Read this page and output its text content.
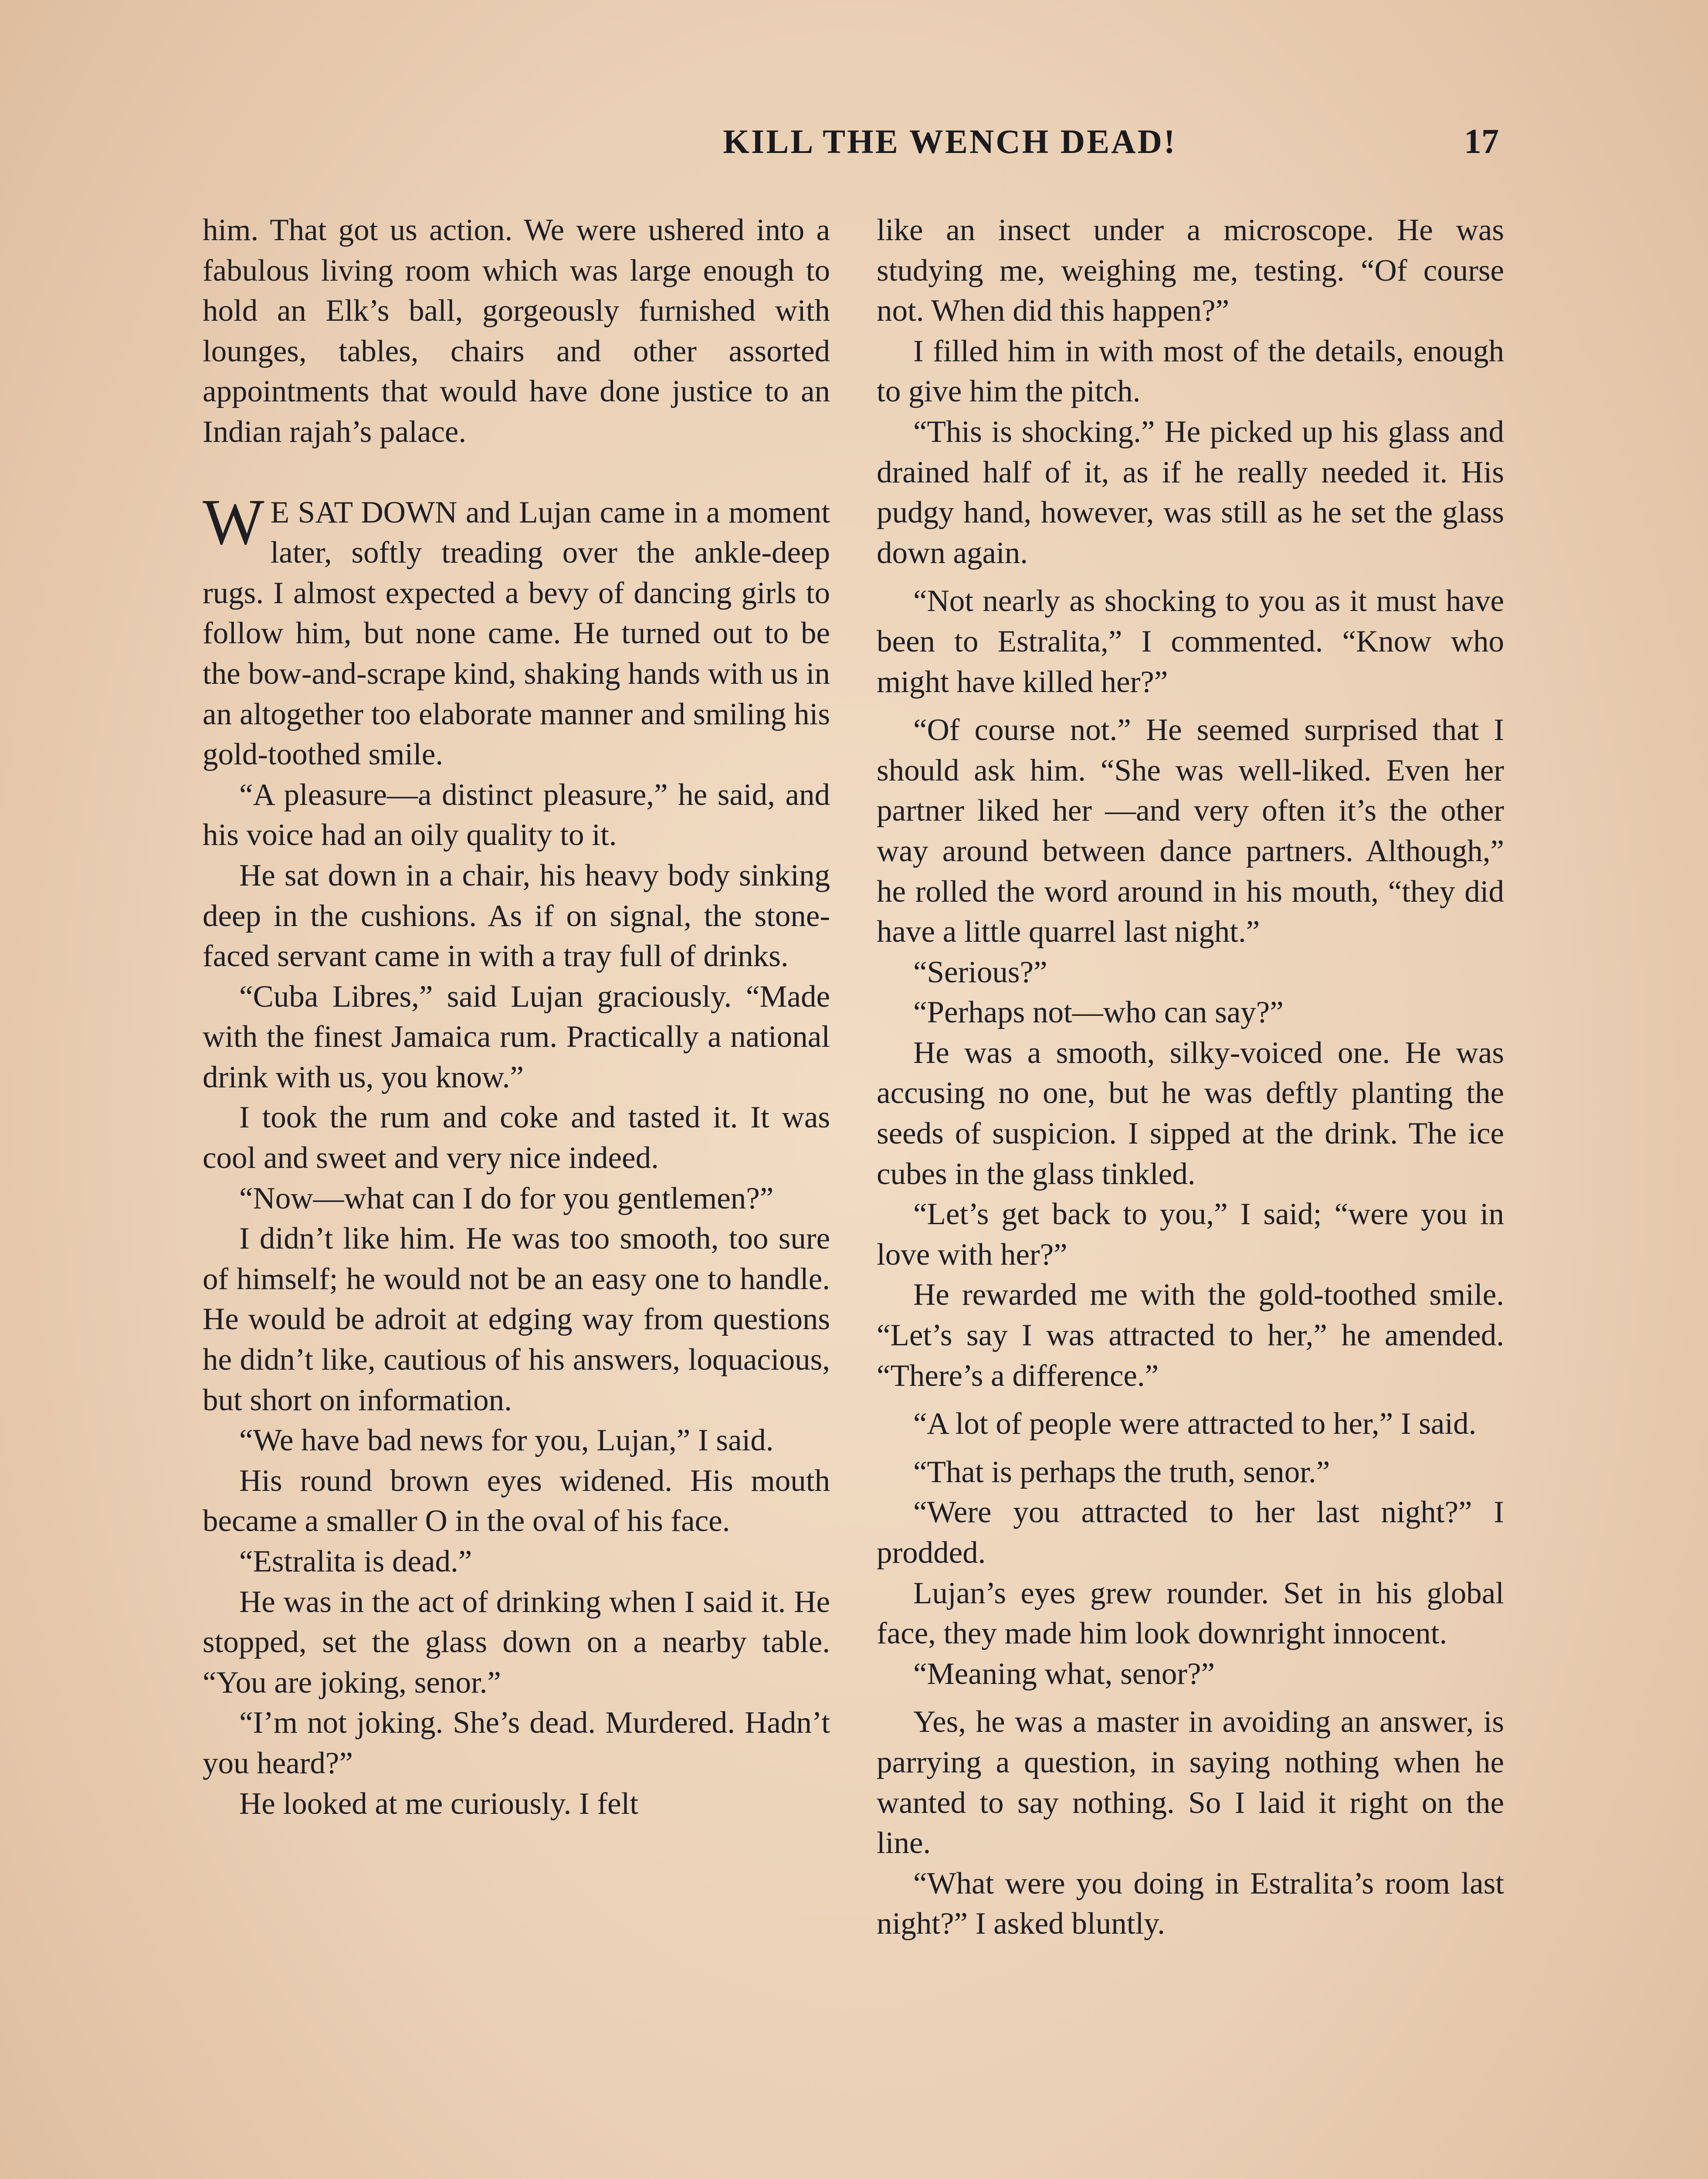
KILL THE WENCH DEAD!	17

him. That got us action. We were ushered into a fabulous living room which was large enough to hold an Elk’s ball, gorgeously furnished with lounges, tables, chairs and other assorted appointments that would have done justice to an Indian rajah’s palace.

W E SAT DOWN and Lujan came in a moment later, softly treading over the ankle-deep rugs. I almost expected a bevy of dancing girls to follow him, but none came. He turned out to be the bow-and-scrape kind, shaking hands with us in an altogether too elaborate manner and smiling his gold-toothed smile.

“A pleasure—a distinct pleasure,” he said, and his voice had an oily quality to it.

He sat down in a chair, his heavy body sinking deep in the cushions. As if on signal, the stone-faced servant came in with a tray full of drinks.

“Cuba Libres,” said Lujan graciously. “Made with the finest Jamaica rum. Practically a national drink with us, you know.”

I took the rum and coke and tasted it. It was cool and sweet and very nice indeed.

“Now—what can I do for you gentlemen?”

I didn’t like him. He was too smooth, too sure of himself; he would not be an easy one to handle. He would be adroit at edging way from questions he didn’t like, cautious of his answers, loquacious, but short on information.

“We have bad news for you, Lujan,” I said.

His round brown eyes widened. His mouth became a smaller O in the oval of his face.

“Estralita is dead.”

He was in the act of drinking when I said it. He stopped, set the glass down on a nearby table. “You are joking, senor.”

“I’m not joking. She’s dead. Murdered. Hadn’t you heard?”

He looked at me curiously. I felt

like an insect under a microscope. He was studying me, weighing me, testing. “Of course not. When did this happen?”

I filled him in with most of the details, enough to give him the pitch.

“This is shocking.” He picked up his glass and drained half of it, as if he really needed it. His pudgy hand, however, was still as he set the glass down again.

“Not nearly as shocking to you as it must have been to Estralita,” I commented. “Know who might have killed her?”

“Of course not.” He seemed surprised that I should ask him. “She was well-liked. Even her partner liked her —and very often it’s the other way around between dance partners. Although,” he rolled the word around in his mouth, “they did have a little quarrel last night.”

“Serious?”

“Perhaps not—who can say?”

He was a smooth, silky-voiced one. He was accusing no one, but he was deftly planting the seeds of suspicion. I sipped at the drink. The ice cubes in the glass tinkled.

“Let’s get back to you,” I said; “were you in love with her?”

He rewarded me with the gold-toothed smile. “Let’s say I was attracted to her,” he amended. “There’s a difference.”

“A lot of people were attracted to her,” I said.

“That is perhaps the truth, senor.”

“Were you attracted to her last night?” I prodded.

Lujan’s eyes grew rounder. Set in his global face, they made him look downright innocent.

“Meaning what, senor?”

Yes, he was a master in avoiding an answer, is parrying a question, in saying nothing when he wanted to say nothing. So I laid it right on the line.

“What were you doing in Estralita’s room last night?” I asked bluntly.
